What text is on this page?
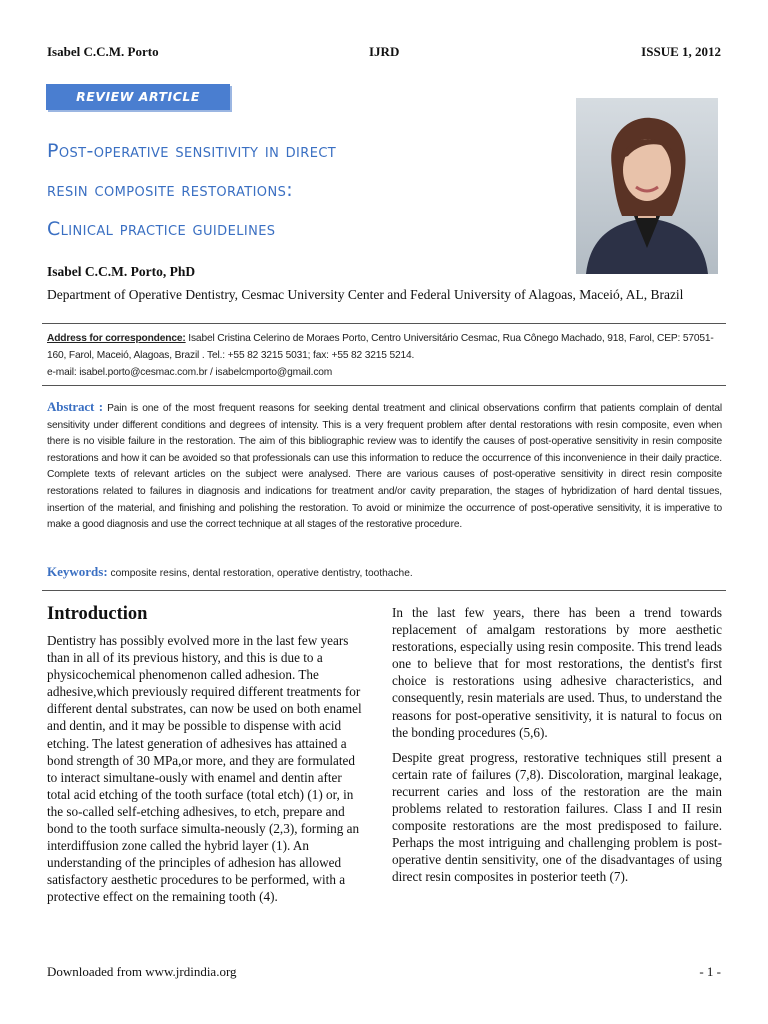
Isabel C.C.M. Porto	IJRD	ISSUE 1, 2012
REVIEW ARTICLE
Post-operative sensitivity in direct
resin composite restorations:
Clinical practice guidelines
Isabel C.C.M. Porto, PhD
Department of Operative Dentistry, Cesmac University Center and Federal University of Alagoas, Maceió, AL, Brazil
Address for correspondence: Isabel Cristina Celerino de Moraes Porto, Centro Universitário Cesmac, Rua Cônego Machado, 918, Farol, CEP: 57051-160, Farol, Maceió, Alagoas, Brazil . Tel.: +55 82 3215 5031; fax: +55 82 3215 5214.
e-mail: isabel.porto@cesmac.com.br / isabelcmporto@gmail.com
Abstract : Pain is one of the most frequent reasons for seeking dental treatment and clinical observations confirm that patients complain of dental sensitivity under different conditions and degrees of intensity. This is a very frequent problem after dental restorations with resin composite, even when there is no visible failure in the restoration. The aim of this bibliographic review was to identify the causes of post-operative sensitivity in resin composite restorations and how it can be avoided so that professionals can use this information to reduce the occurrence of this inconvenience in their daily practice. Complete texts of relevant articles on the subject were analysed. There are various causes of post-operative sensitivity in direct resin composite restorations related to failures in diagnosis and indications for treatment and/or cavity preparation, the stages of hybridization of hard dental tissues, insertion of the material, and finishing and polishing the restoration. To avoid or minimize the occurrence of post-operative sensitivity, it is imperative to make a good diagnosis and use the correct technique at all stages of the restorative procedure.
Keywords: composite resins, dental restoration, operative dentistry, toothache.
Introduction

Dentistry has possibly evolved more in the last few years than in all of its previous history, and this is due to a physicochemical phenomenon called adhesion. The adhesive,which previously required different treatments for different dental substrates, can now be used on both enamel and dentin, and it may be possible to dispense with acid etching. The latest generation of adhesives has attained a bond strength of 30 MPa,or more, and they are formulated to interact simultane-ously with enamel and dentin after total acid etching of the tooth surface (total etch) (1) or, in the so-called self-etching adhesives, to etch, prepare and bond to the tooth surface simulta-neously (2,3), forming an interdiffusion zone called the hybrid layer (1). An understanding of the principles of adhesion has allowed satisfactory aesthetic procedures to be performed, with a protective effect on the remaining tooth (4).

In the last few years, there has been a trend towards replacement of amalgam restorations by more aesthetic restorations, especially using resin composite. This trend leads one to believe that for most restorations, the dentist's first choice is restorations using adhesive characteristics, and consequently, resin materials are used. Thus, to understand the reasons for post-operative sensitivity, it is natural to focus on the bonding procedures (5,6).

Despite great progress, restorative techniques still present a certain rate of failures (7,8). Discoloration, marginal leakage, recurrent caries and loss of the restoration are the main problems related to restoration failures. Class I and II resin composite restorations are the most predisposed to failure. Perhaps the most intriguing and challenging problem is post-operative dentin sensitivity, one of the disadvantages of using direct resin composites in posterior teeth (7).

Downloaded from www.jrdindia.org	- 1 -
